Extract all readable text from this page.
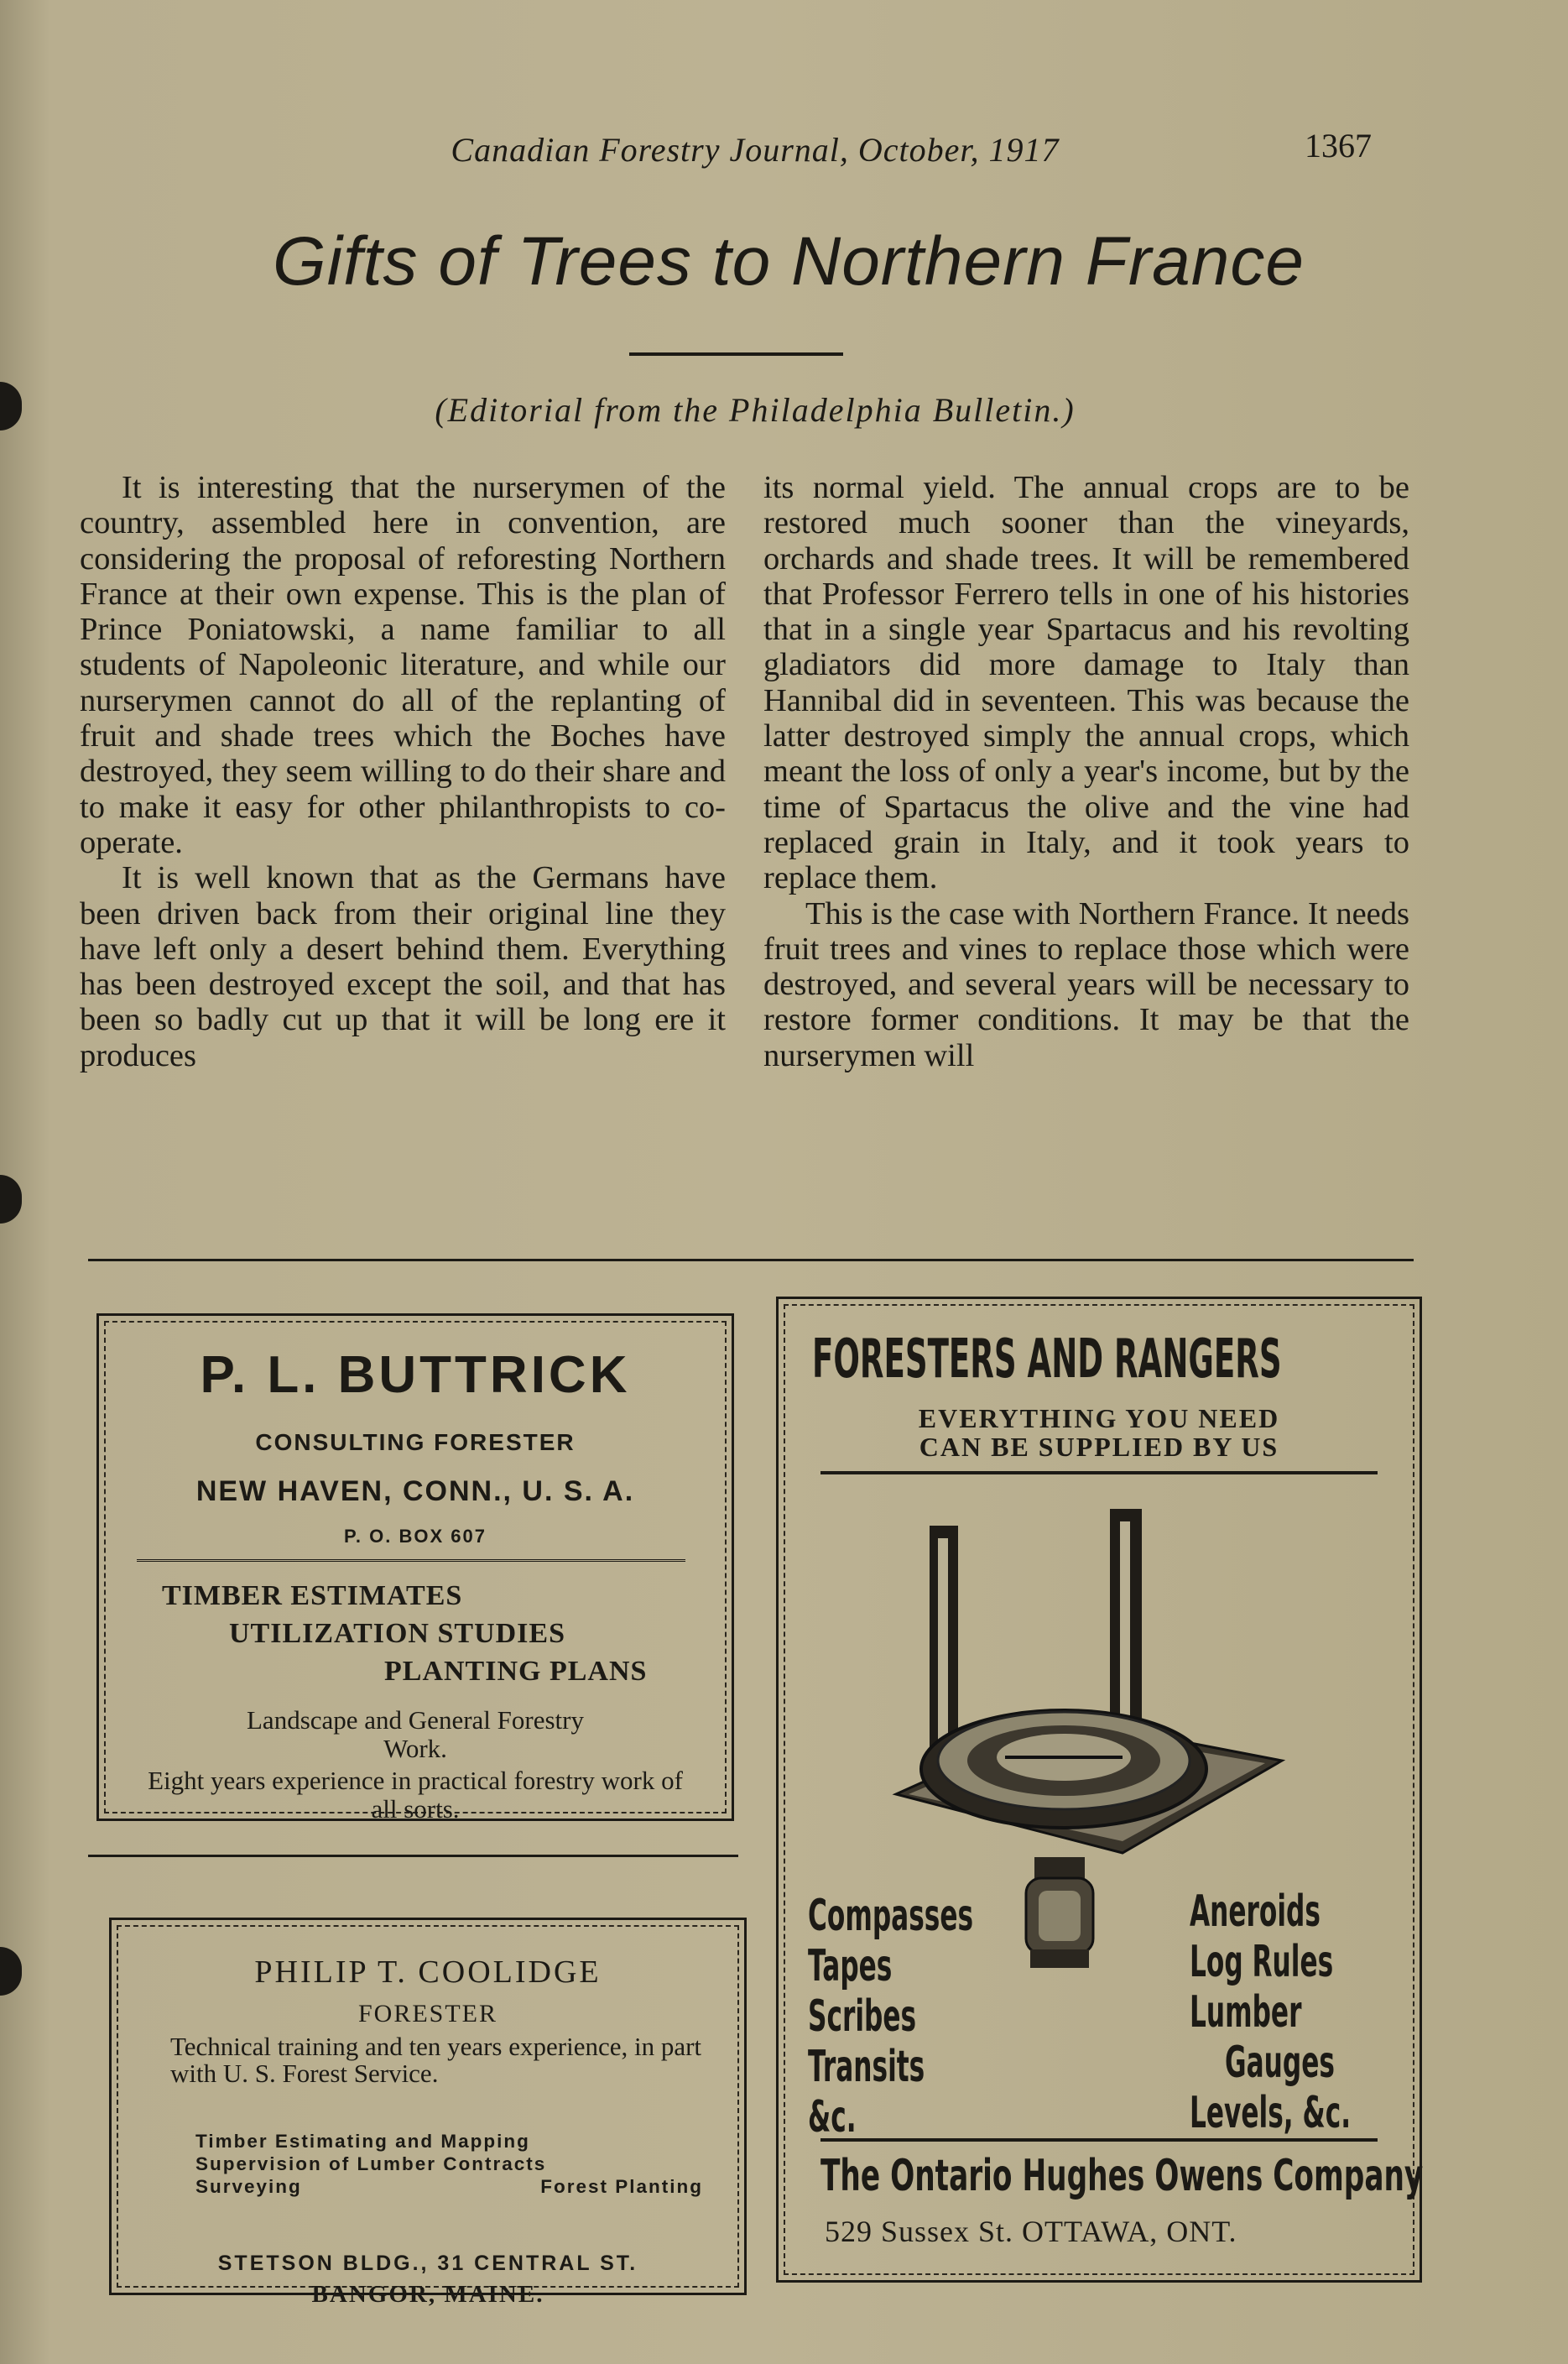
Canadian Forestry Journal, October, 1917	1367
Gifts of Trees to Northern France
(Editorial from the Philadelphia Bulletin.)

It is interesting that the nurserymen of the country, assembled here in convention, are considering the proposal of reforesting Northern France at their own expense. This is the plan of Prince Poniatowski, a name familiar to all students of Napoleonic literature, and while our nurserymen cannot do all of the replanting of fruit and shade trees which the Boches have destroyed, they seem willing to do their share and to make it easy for other philanthropists to co-operate.

It is well known that as the Germans have been driven back from their original line they have left only a desert behind them. Everything has been destroyed except the soil, and that has been so badly cut up that it will be long ere it produces

its normal yield. The annual crops are to be restored much sooner than the vineyards, orchards and shade trees. It will be remembered that Professor Ferrero tells in one of his histories that in a single year Spartacus and his revolting gladiators did more damage to Italy than Hannibal did in seventeen. This was because the latter destroyed simply the annual crops, which meant the loss of only a year's income, but by the time of Spartacus the olive and the vine had replaced grain in Italy, and it took years to replace them.

This is the case with Northern France. It needs fruit trees and vines to replace those which were destroyed, and several years will be necessary to restore former conditions. It may be that the nurserymen will

P. L. BUTTRICK
CONSULTING FORESTER
NEW HAVEN, CONN., U. S. A.
P. O. BOX 607
TIMBER ESTIMATES
UTILIZATION STUDIES
PLANTING PLANS
Landscape and General Forestry Work.
Eight years experience in practical forestry work of all sorts.
PHILIP T. COOLIDGE
FORESTER
Technical training and ten years experience, in part with U. S. Forest Service.
Timber Estimating and Mapping
Supervision of Lumber Contracts
Surveying	Forest Planting
STETSON BLDG., 31 CENTRAL ST.
BANGOR, MAINE.
FORESTERS AND RANGERS
EVERYTHING YOU NEED
CAN BE SUPPLIED BY US
Compasses
Tapes
Scribes
Transits
&c.
Aneroids
Log Rules
Lumber
Gauges
Levels, &c.
The Ontario Hughes Owens Company
529 Sussex St. OTTAWA, ONT.
